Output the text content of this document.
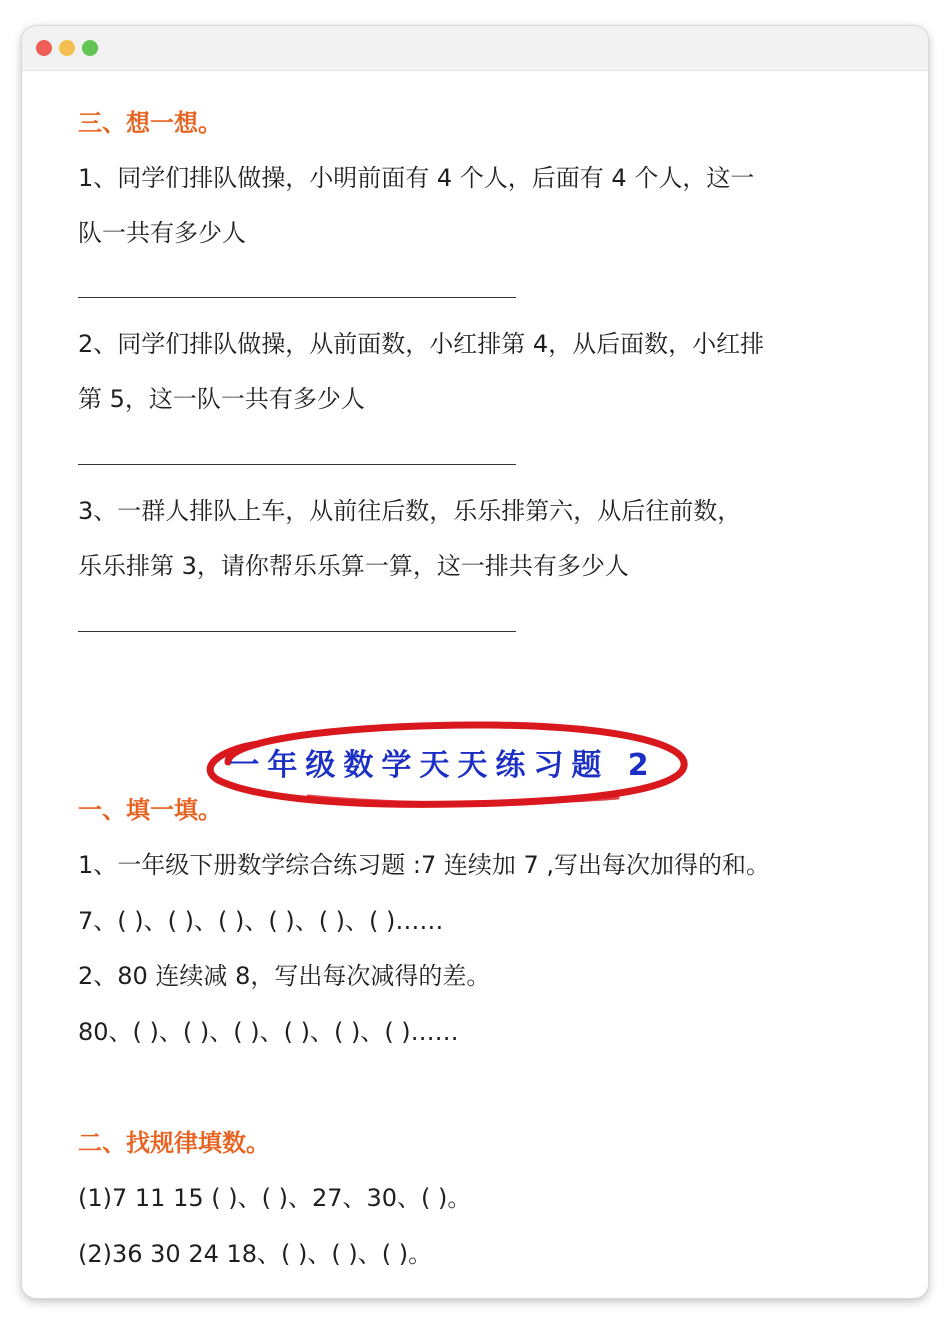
三、想一想。
1、同学们排队做操，小明前面有 4 个人，后面有 4 个人，这一
队一共有多少人
2、同学们排队做操，从前面数，小红排第 4，从后面数，小红排
第 5，这一队一共有多少人
3、一群人排队上车，从前往后数，乐乐排第六，从后往前数，
乐乐排第 3，请你帮乐乐算一算，这一排共有多少人
一年级数学天天练习题 2
一、填一填。
1、一年级下册数学综合练习题 :7 连续加 7 ,写出每次加得的和。
7、( )、( )、( )、( )、( )、( )……
2、80 连续减 8，写出每次减得的差。
80、( )、( )、( )、( )、( )、( )……
二、找规律填数。
(1)7 11 15 ( )、( )、27、30、( )。
(2)36 30 24 18、( )、( )、( )。
